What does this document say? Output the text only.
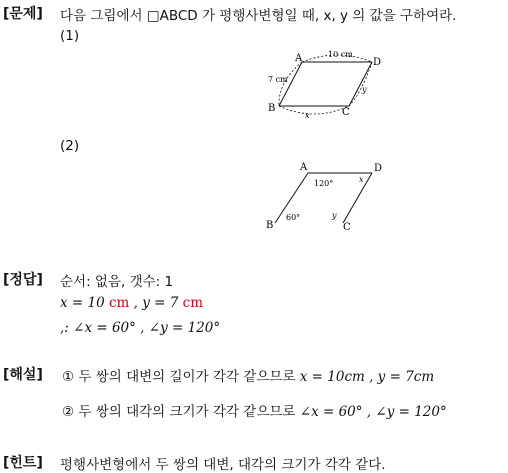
[문제] 다음 그림에서 □ABCD 가 평행사변형일 때, x, y 의 값을 구하여라.
(1)
A	D
B	C
10 cm
7 cm
x
y
(2)
A	D
B	C
120°	x
60°	y
[정답] 순서: 없음, 갯수: 1
x = 10 cm , y = 7 cm
,: ∠x = 60° , ∠y = 120°
[해설] ① 두 쌍의 대변의 길이가 각각 같으므로 x = 10cm , y = 7cm
② 두 쌍의 대각의 크기가 각각 같으므로 ∠x = 60° , ∠y = 120°
[힌트] 평행사변형에서 두 쌍의 대변, 대각의 크기가 각각 같다.
